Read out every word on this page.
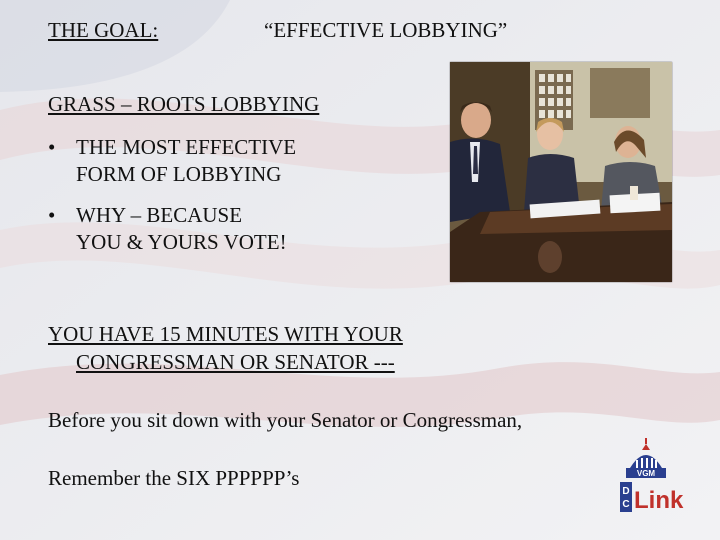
THE GOAL:	“EFFECTIVE LOBBYING”
GRASS – ROOTS LOBBYING
• THE MOST EFFECTIVE
FORM OF LOBBYING
• WHY – BECAUSE
YOU & YOURS VOTE!
YOU HAVE 15 MINUTES WITH YOUR
CONGRESSMAN OR SENATOR ---
Before you sit down with your Senator or Congressman,
Remember the SIX PPPPPP’s	VGM
D
C Link
